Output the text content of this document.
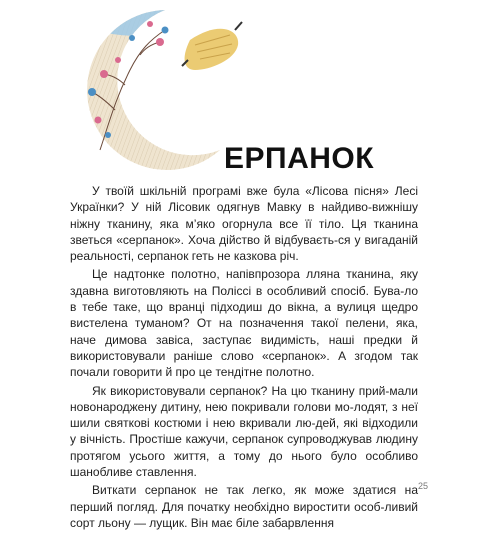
ЕРПАНОК

У твоїй шкільній програмі вже була «Лісова пісня» Лесі Українки? У ній Лісовик одягнув Мавку в найдиво-вижнішу ніжну тканину, яка м’яко огорнула все її тіло. Ця тканина зветься «серпанок». Хоча дійство й відбуваєть-ся у вигаданій реальності, серпанок геть не казкова річ.

Це надтонке полотно, напівпрозора лляна тканина, яку здавна виготовляють на Поліссі в особливий спосіб. Бува-ло в тебе таке, що вранці підходиш до вікна, а вулиця щедро вистелена туманом? От на позначення такої пелени, яка, наче димова завіса, заступає видимість, наші предки й використовували раніше слово «серпанок». А згодом так почали говорити й про це тендітне полотно.

Як використовували серпанок? На цю тканину прий-мали новонароджену дитину, нею покривали голови мо-лодят, з неї шили святкові костюми і нею вкривали лю-дей, які відходили у вічність. Простіше кажучи, серпанок супроводжував людину протягом усього життя, а тому до нього було особливо шанобливе ставлення.

Виткати серпанок не так легко, як може здатися на перший погляд. Для початку необхідно виростити особ-ливий сорт льону — лущик. Він має біле забарвлення

25
